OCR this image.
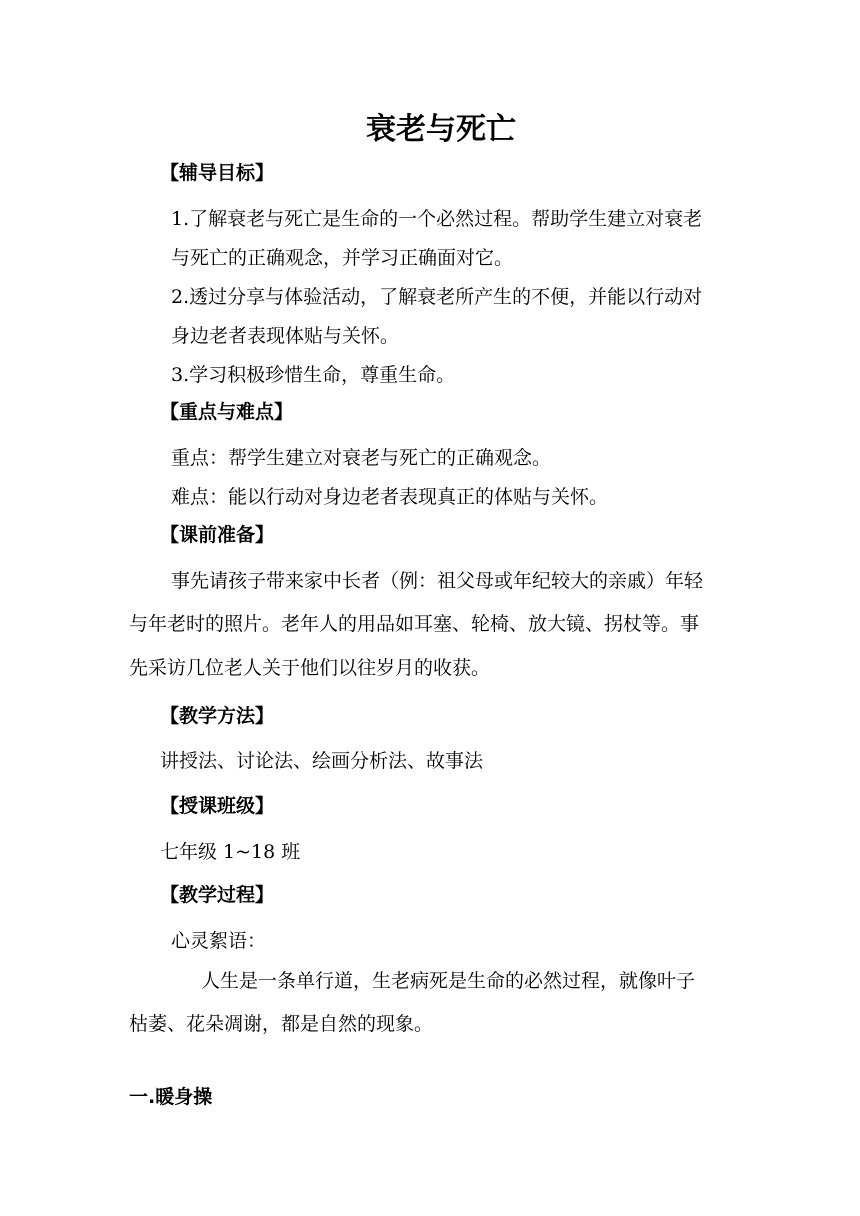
衰老与死亡
【辅导目标】
1.了解衰老与死亡是生命的一个必然过程。帮助学生建立对衰老
与死亡的正确观念，并学习正确面对它。
2.透过分享与体验活动，了解衰老所产生的不便，并能以行动对
身边老者表现体贴与关怀。
3.学习积极珍惜生命，尊重生命。
【重点与难点】
重点：帮学生建立对衰老与死亡的正确观念。
难点：能以行动对身边老者表现真正的体贴与关怀。
【课前准备】
事先请孩子带来家中长者（例：祖父母或年纪较大的亲戚）年轻
与年老时的照片。老年人的用品如耳塞、轮椅、放大镜、拐杖等。事
先采访几位老人关于他们以往岁月的收获。
【教学方法】
讲授法、讨论法、绘画分析法、故事法
【授课班级】
七年级 1~18 班
【教学过程】
心灵絮语：
人生是一条单行道，生老病死是生命的必然过程，就像叶子
枯萎、花朵凋谢，都是自然的现象。
一.暖身操
